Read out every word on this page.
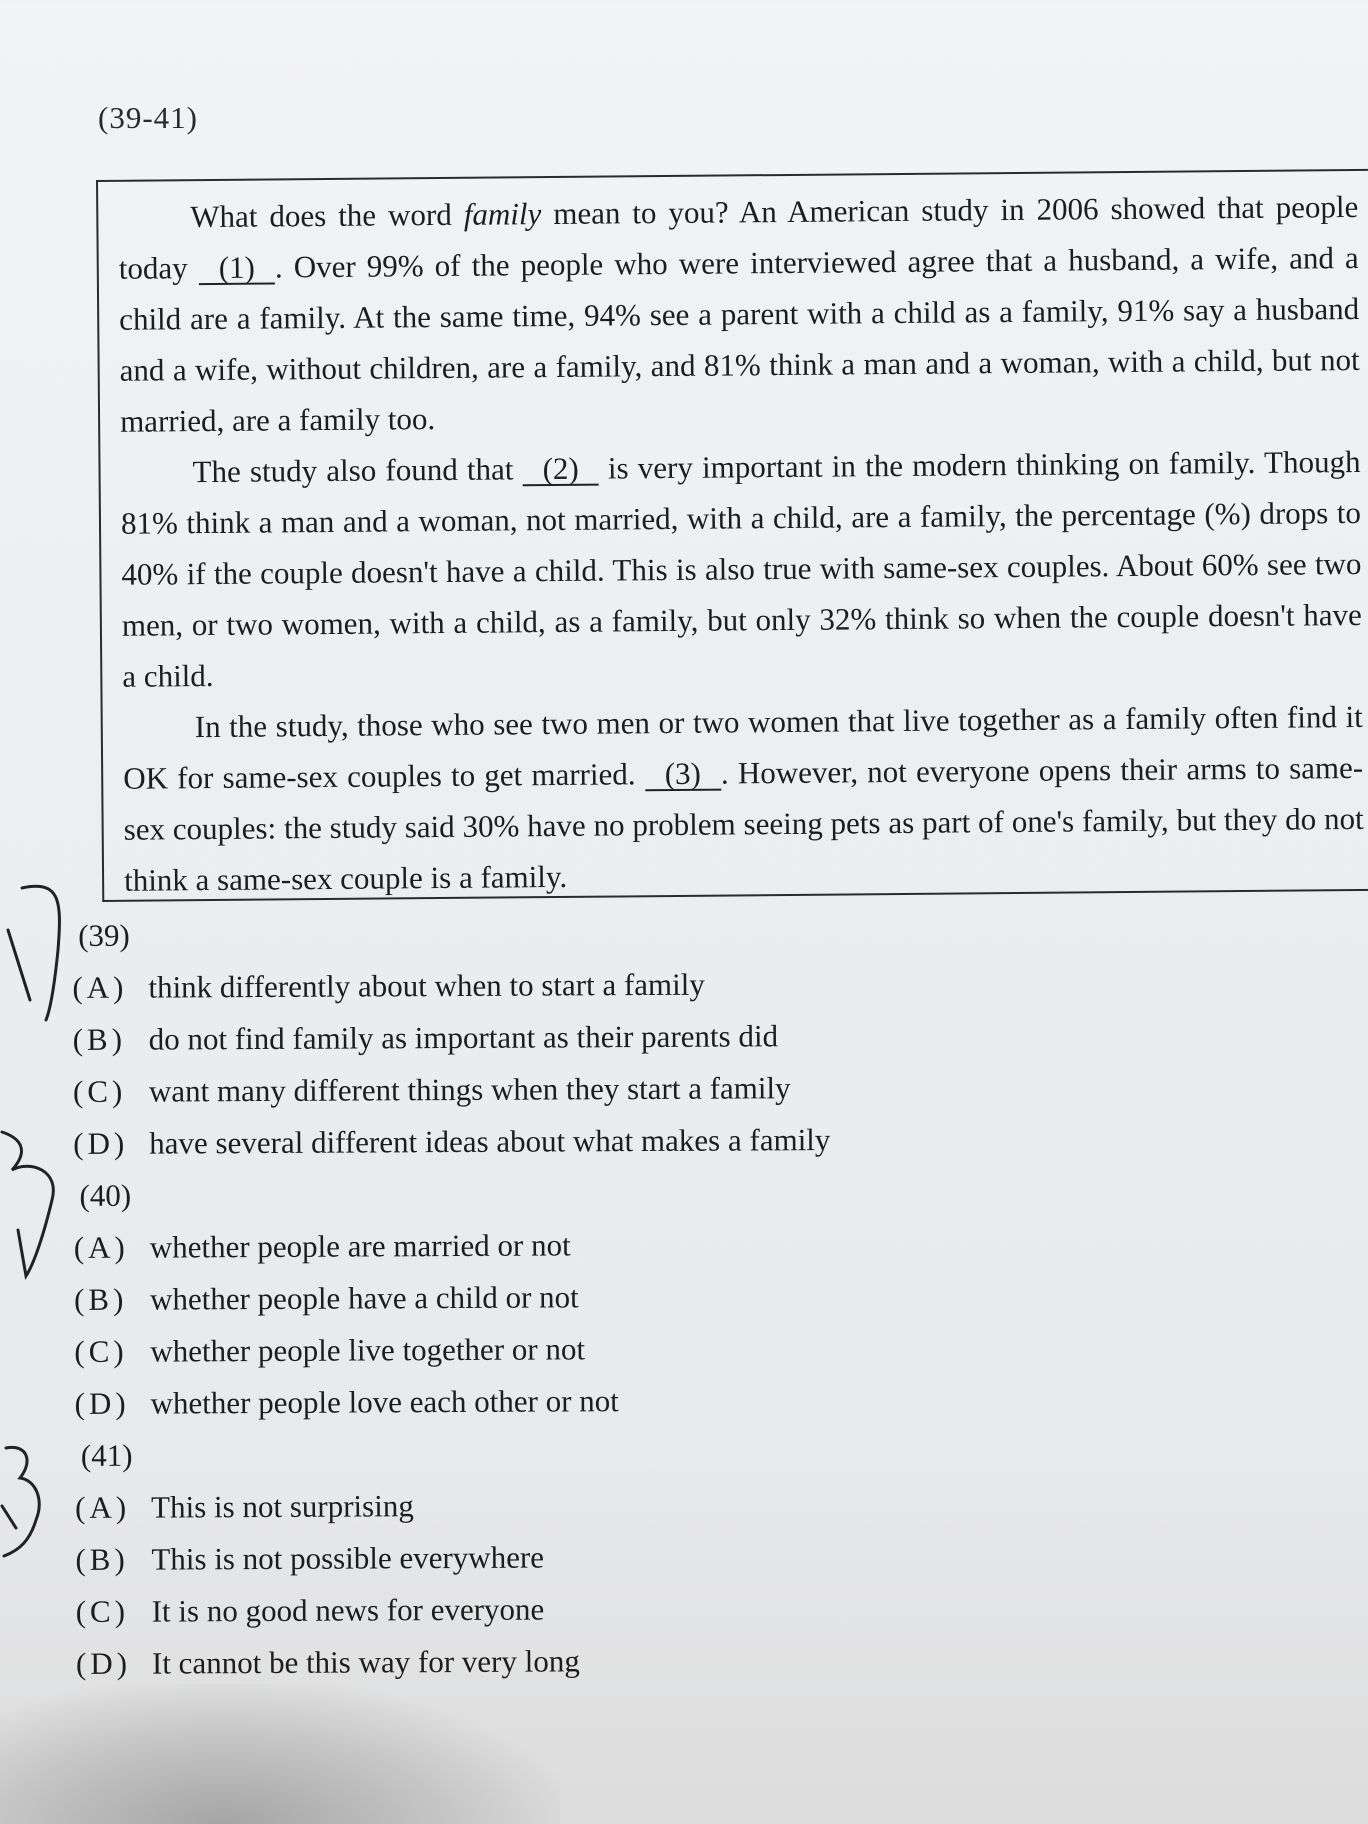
(39-41)

What does the word family mean to you? An American study in 2006 showed that people today (1) . Over 99% of the people who were interviewed agree that a husband, a wife, and a child are a family. At the same time, 94% see a parent with a child as a family, 91% say a husband and a wife, without children, are a family, and 81% think a man and a woman, with a child, but not married, are a family too.

The study also found that (2) is very important in the modern thinking on family. Though 81% think a man and a woman, not married, with a child, are a family, the percentage (%) drops to 40% if the couple doesn't have a child. This is also true with same-sex couples. About 60% see two men, or two women, with a child, as a family, but only 32% think so when the couple doesn't have a child.

In the study, those who see two men or two women that live together as a family often find it OK for same-sex couples to get married. (3) . However, not everyone opens their arms to same-sex couples: the study said 30% have no problem seeing pets as part of one's family, but they do not think a same-sex couple is a family.

(39)
(A) think differently about when to start a family
(B) do not find family as important as their parents did
(C) want many different things when they start a family
(D) have several different ideas about what makes a family
(40)
(A) whether people are married or not
(B) whether people have a child or not
(C) whether people live together or not
(D) whether people love each other or not
(41)
(A) This is not surprising
(B) This is not possible everywhere
(C) It is no good news for everyone
(D) It cannot be this way for very long
